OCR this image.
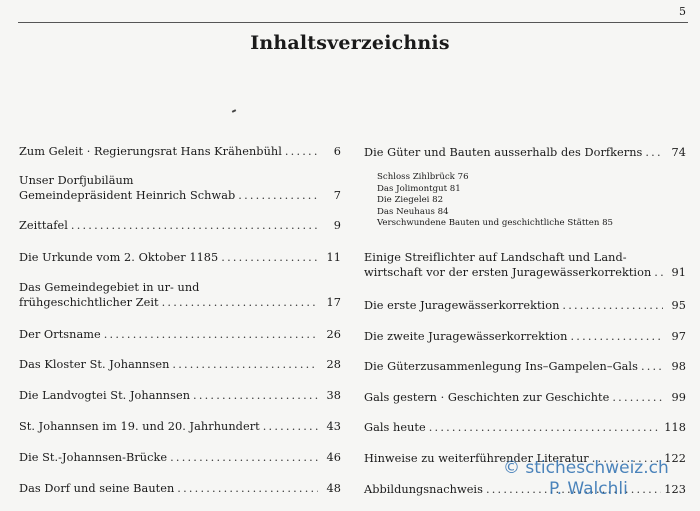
5
Inhaltsverzeichnis
Zum Geleit · Regierungsrat Hans Krähenbühl .....	6
Unser Dorfjubiläum
Gemeindepräsident Heinrich Schwab .....	7
Zeittafel .....	9
Die Urkunde vom 2. Oktober 1185 .....	11
Das Gemeindegebiet in ur- und
frühgeschichtlicher Zeit .....	17
Der Ortsname .....	26
Das Kloster St. Johannsen .....	28
Die Landvogtei St. Johannsen .....	38
St. Johannsen im 19. und 20. Jahrhundert .....	43
Die St.-Johannsen-Brücke .....	46
Das Dorf und seine Bauten .....	48
Die Güter und Bauten ausserhalb des Dorfkerns .....	74
Einige Streiflichter auf Landschaft und Land-
wirtschaft vor der ersten Juragewässerkorrektion .....	91
Die erste Juragewässerkorrektion .....	95
Die zweite Juragewässerkorrektion .....	97
Die Güterzusammenlegung Ins–Gampelen–Gals .....	98
Gals gestern · Geschichten zur Geschichte .....	99
Gals heute .....	118
Hinweise zu weiterführender Literatur .....	122
Abbildungsnachweis .....	123
Schloss Zihlbrück 76
Das Jolimontgut 81
Die Ziegelei 82
Das Neuhaus 84
Verschwundene Bauten und geschichtliche Stätten 85
© sticheschweiz.ch
P. Walchli
